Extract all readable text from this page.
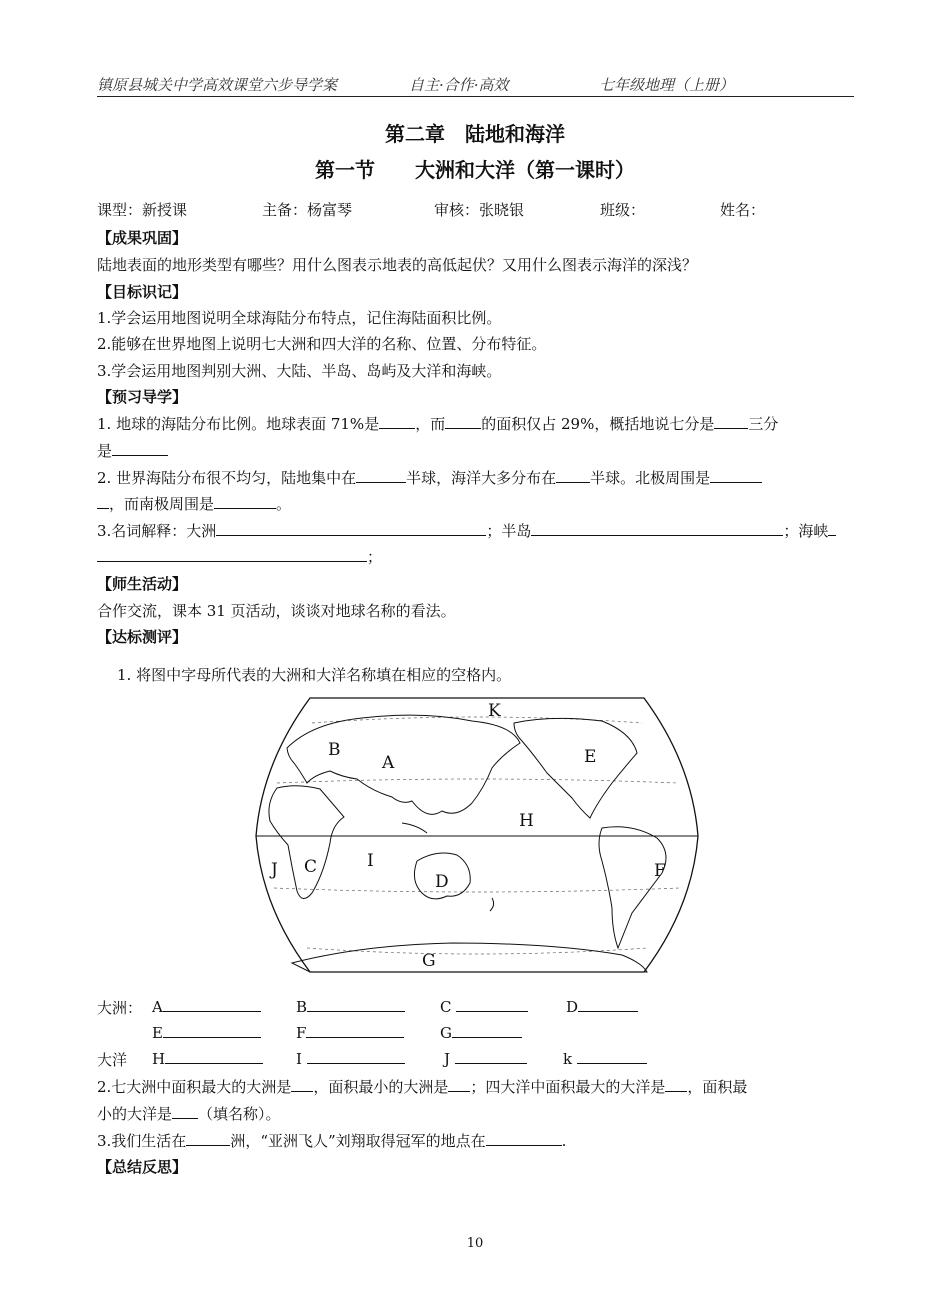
镇原县城关中学高效课堂六步导学案	自主·合作·高效	七年级地理（上册）
第二章　陆地和海洋
第一节　　大洲和大洋（第一课时）
课型：新授课	主备：杨富琴	审核：张晓银	班级：	姓名：
【成果巩固】
陆地表面的地形类型有哪些？用什么图表示地表的高低起伏？又用什么图表示海洋的深浅？
【目标识记】
1.学会运用地图说明全球海陆分布特点，记住海陆面积比例。
2.能够在世界地图上说明七大洲和四大洋的名称、位置、分布特征。
3.学会运用地图判别大洲、大陆、半岛、岛屿及大洋和海峡。
【预习导学】
1. 地球的海陆分布比例。地球表面 71%是 ，而 的面积仅占 29%，概括地说七分是 三分
是
2. 世界海陆分布很不均匀，陆地集中在	半球，海洋大多分布在 半球。北极周围是
，而南极周围是	。
3.名词解释：大洲	；半岛	；海峡
；
【师生活动】
合作交流，课本 31 页活动，谈谈对地球名称的看法。
【达标测评】
1. 将图中字母所代表的大洲和大洋名称填在相应的空格内。
K
B
A	E
H
J C	I
D
F
G
大洲： A	B	C	D
E	F	G
大洋 H	I	J	k
2.七大洲中面积最大的大洲是 ，面积最小的大洲是 ；四大洋中面积最大的大洋是 ，面积最
小的大洋是 （填名称）。
3.我们生活在	洲，“亚洲飞人”刘翔取得冠军的地点在	.
【总结反思】
10
